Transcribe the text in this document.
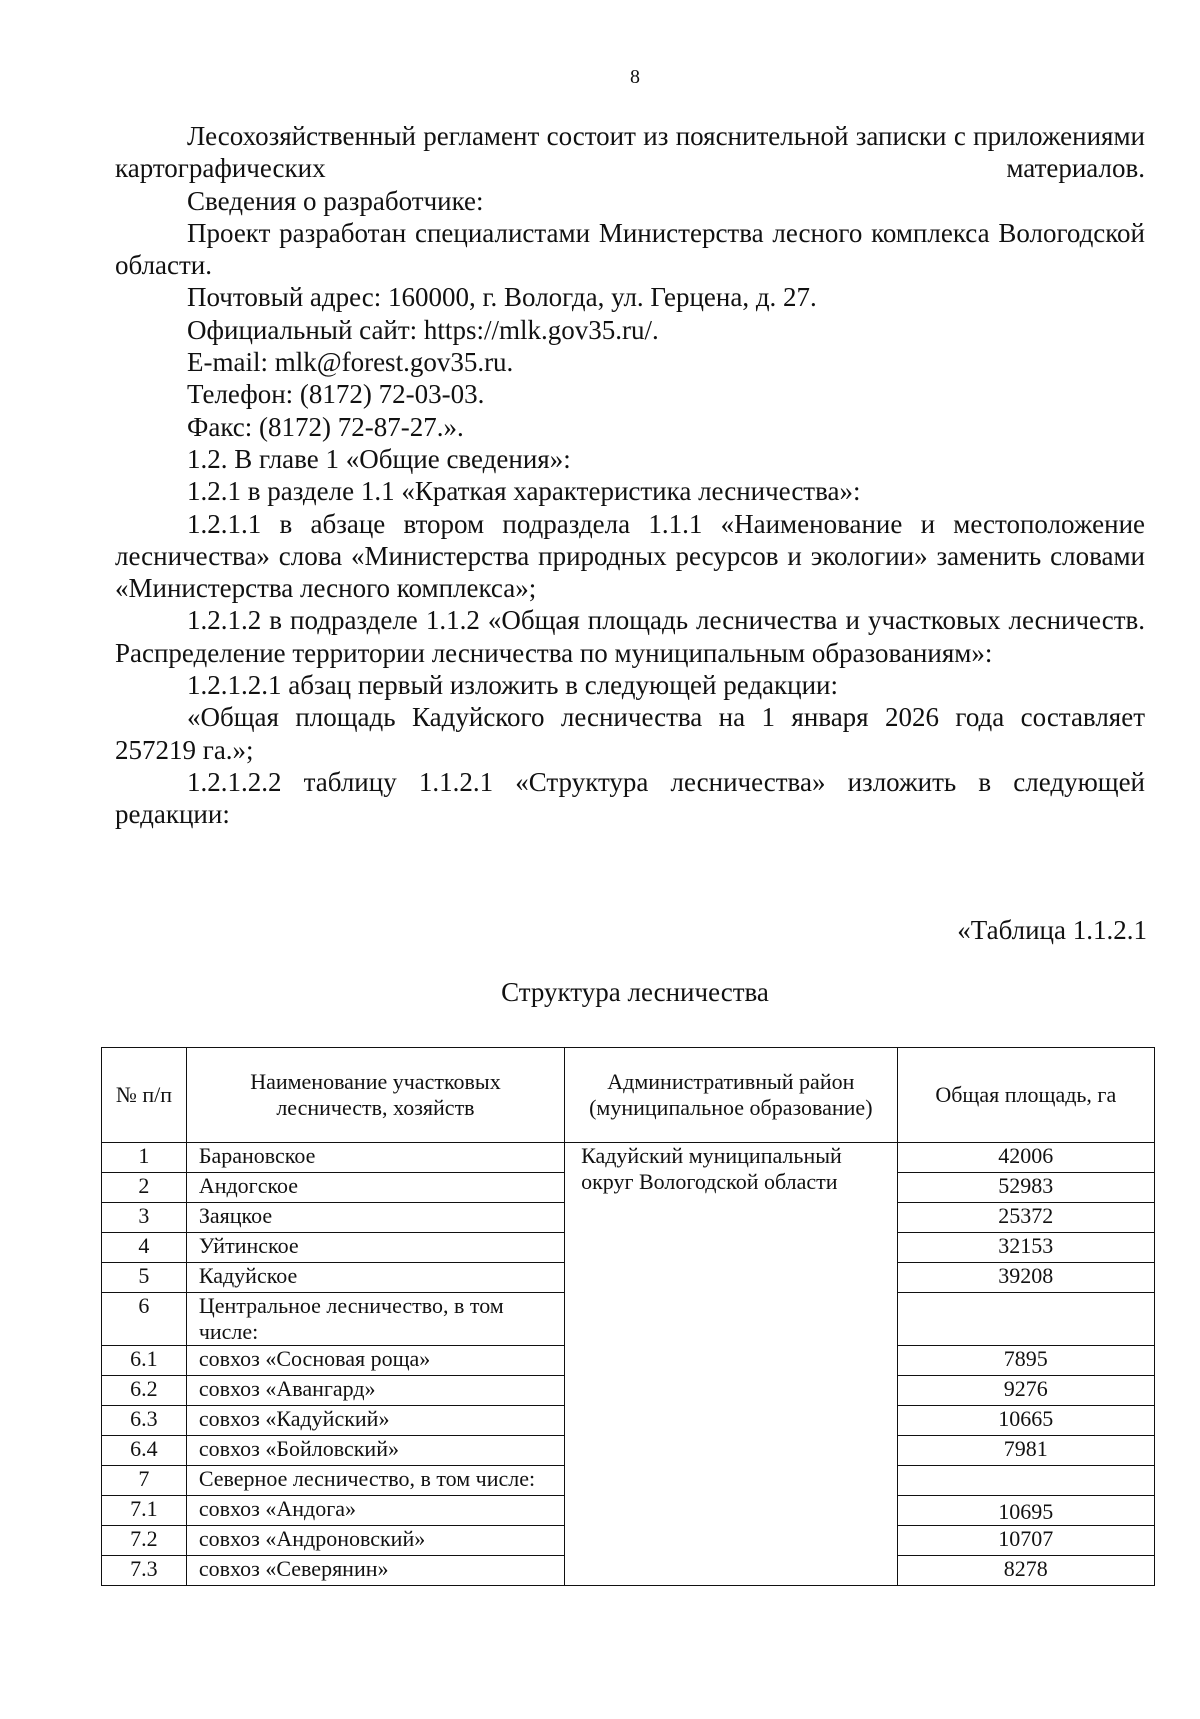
8

Лесохозяйственный регламент состоит из пояснительной записки с приложениями картографических материалов.

Сведения о разработчике:

Проект разработан специалистами Министерства лесного комплекса Вологодской области.

Почтовый адрес: 160000, г. Вологда, ул. Герцена, д. 27.

Официальный сайт: https://mlk.gov35.ru/.

E-mail: mlk@forest.gov35.ru.

Телефон: (8172) 72-03-03.

Факс: (8172) 72-87-27.».

1.2. В главе 1 «Общие сведения»:

1.2.1 в разделе 1.1 «Краткая характеристика лесничества»:

1.2.1.1 в абзаце втором подраздела 1.1.1 «Наименование и местоположение лесничества» слова «Министерства природных ресурсов и экологии» заменить словами «Министерства лесного комплекса»;

1.2.1.2 в подразделе 1.1.2 «Общая площадь лесничества и участковых лесничеств. Распределение территории лесничества по муниципальным образованиям»:

1.2.1.2.1 абзац первый изложить в следующей редакции:

«Общая площадь Кадуйского лесничества на 1 января 2026 года составляет 257219 га.»;

1.2.1.2.2 таблицу 1.1.2.1 «Структура лесничества» изложить в следующей редакции:

«Таблица 1.1.2.1
Структура лесничества
№ п/п	Наименование участковых лесничеств, хозяйств	Административный район (муниципальное образование)	Общая площадь, га
1	Барановское	Кадуйский муниципальный округ Вологодской области	42006
2	Андогское		52983
3	Заяцкое		25372
4	Уйтинское		32153
5	Кадуйское		39208
6	Центральное лесничество, в том числе:		
6.1	совхоз «Сосновая роща»		7895
6.2	совхоз «Авангард»		9276
6.3	совхоз «Кадуйский»		10665
6.4	совхоз «Бойловский»		7981
7	Северное лесничество, в том числе:		
7.1	совхоз «Андога»		10695
7.2	совхоз «Андроновский»		10707
7.3	совхоз «Северянин»		8278
